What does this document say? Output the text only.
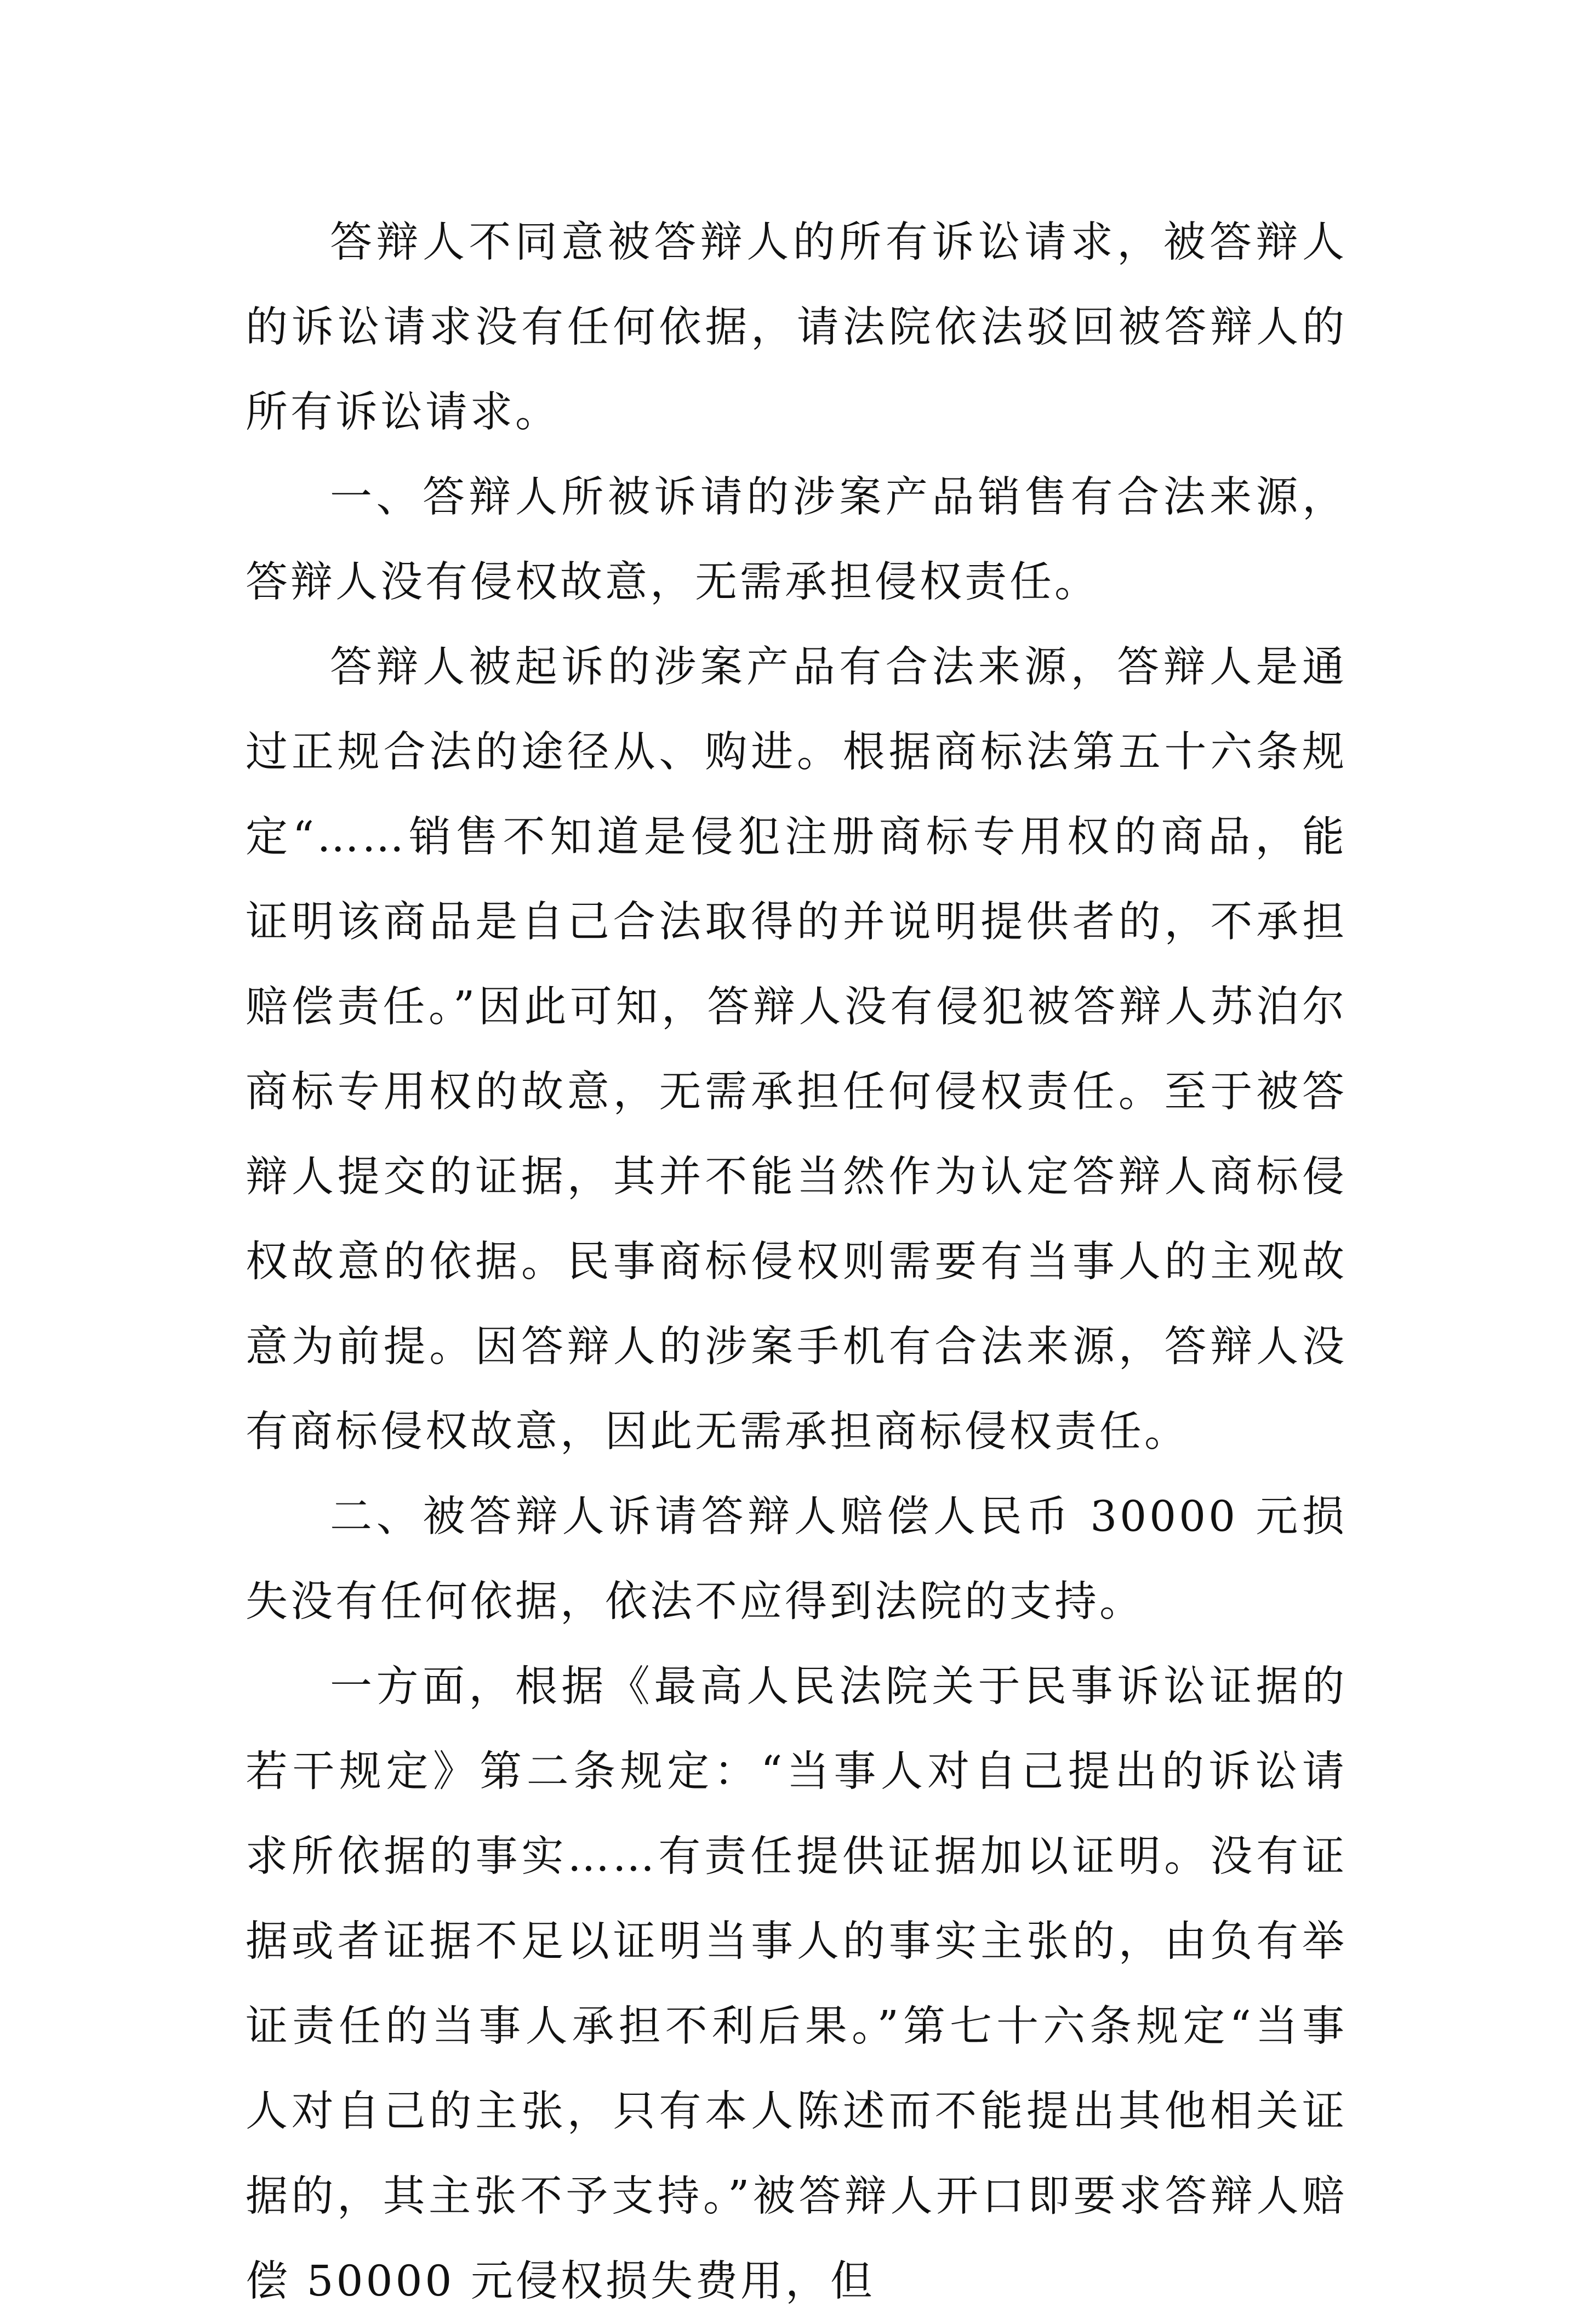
答辩人不同意被答辩人的所有诉讼请求，被答辩人的诉讼请求没有任何依据，请法院依法驳回被答辩人的所有诉讼请求。

一、答辩人所被诉请的涉案产品销售有合法来源，答辩人没有侵权故意，无需承担侵权责任。

答辩人被起诉的涉案产品有合法来源，答辩人是通过正规合法的途径从、购进。根据商标法第五十六条规定“……销售不知道是侵犯注册商标专用权的商品，能证明该商品是自己合法取得的并说明提供者的，不承担赔偿责任。”因此可知，答辩人没有侵犯被答辩人苏泊尔商标专用权的故意，无需承担任何侵权责任。至于被答辩人提交的证据，其并不能当然作为认定答辩人商标侵权故意的依据。民事商标侵权则需要有当事人的主观故意为前提。因答辩人的涉案手机有合法来源，答辩人没有商标侵权故意，因此无需承担商标侵权责任。

二、被答辩人诉请答辩人赔偿人民币 30000 元损失没有任何依据，依法不应得到法院的支持。

一方面，根据《最高人民法院关于民事诉讼证据的若干规定》第二条规定：“当事人对自己提出的诉讼请求所依据的事实……有责任提供证据加以证明。没有证据或者证据不足以证明当事人的事实主张的，由负有举证责任的当事人承担不利后果。”第七十六条规定“当事人对自己的主张，只有本人陈述而不能提出其他相关证据的，其主张不予支持。”被答辩人开口即要求答辩人赔偿 50000 元侵权损失费用，但
